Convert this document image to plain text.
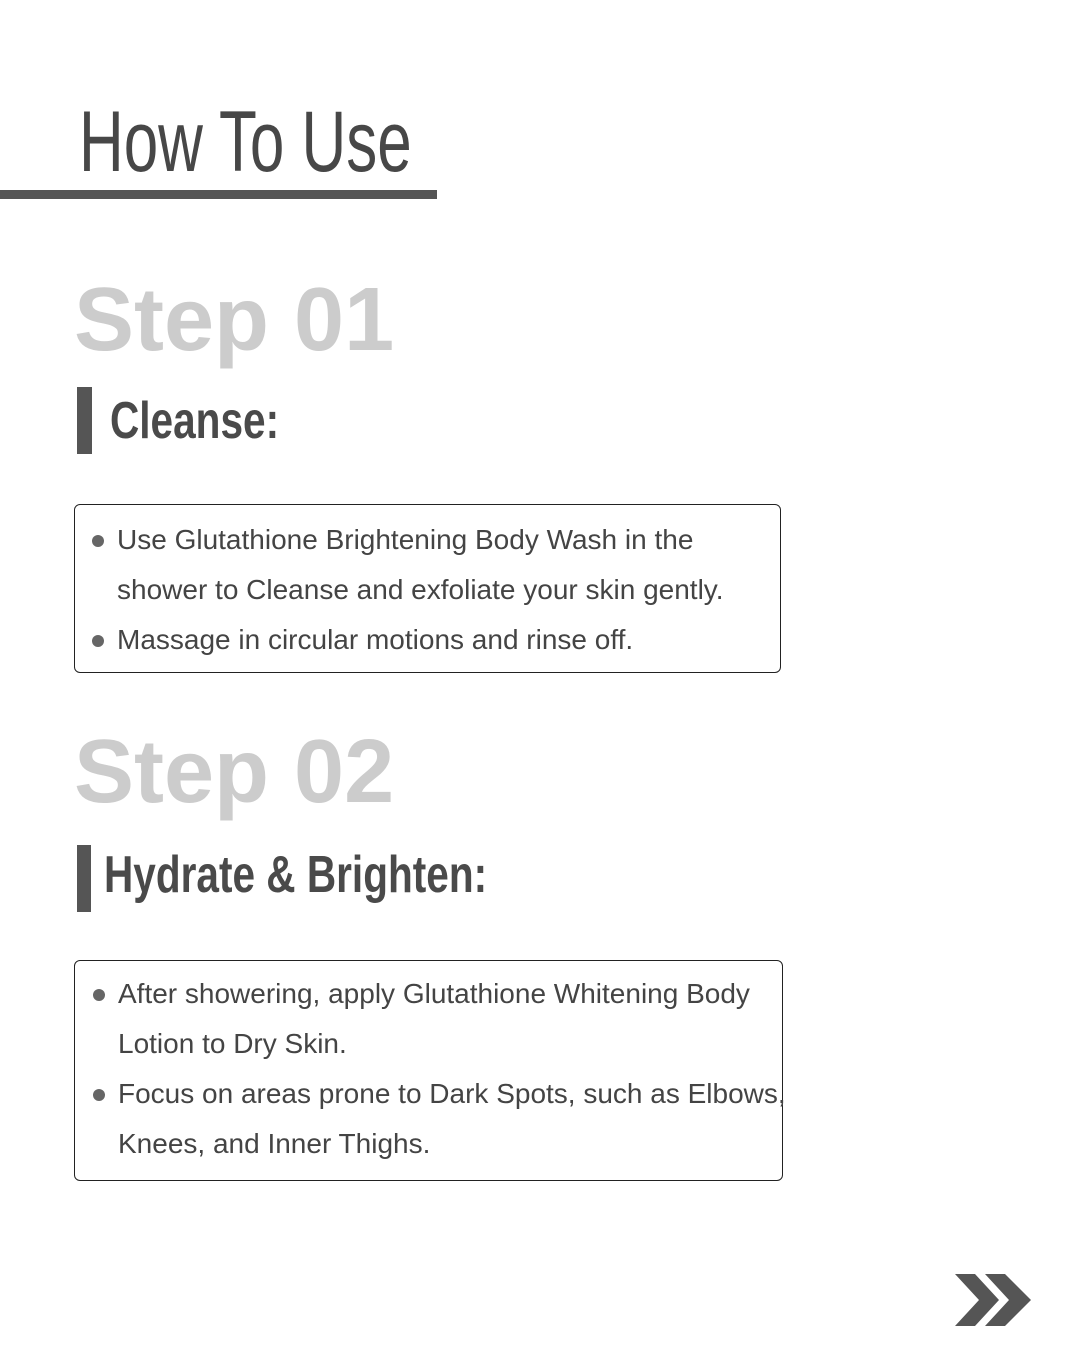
How To Use
Step 01
Cleanse:
Use Glutathione Brightening Body Wash in the shower to Cleanse and exfoliate your skin gently.
Massage in circular motions and rinse off.
Step 02
Hydrate & Brighten:
After showering, apply Glutathione Whitening Body Lotion to Dry Skin.
Focus on areas prone to Dark Spots, such as Elbows, Knees, and Inner Thighs.
